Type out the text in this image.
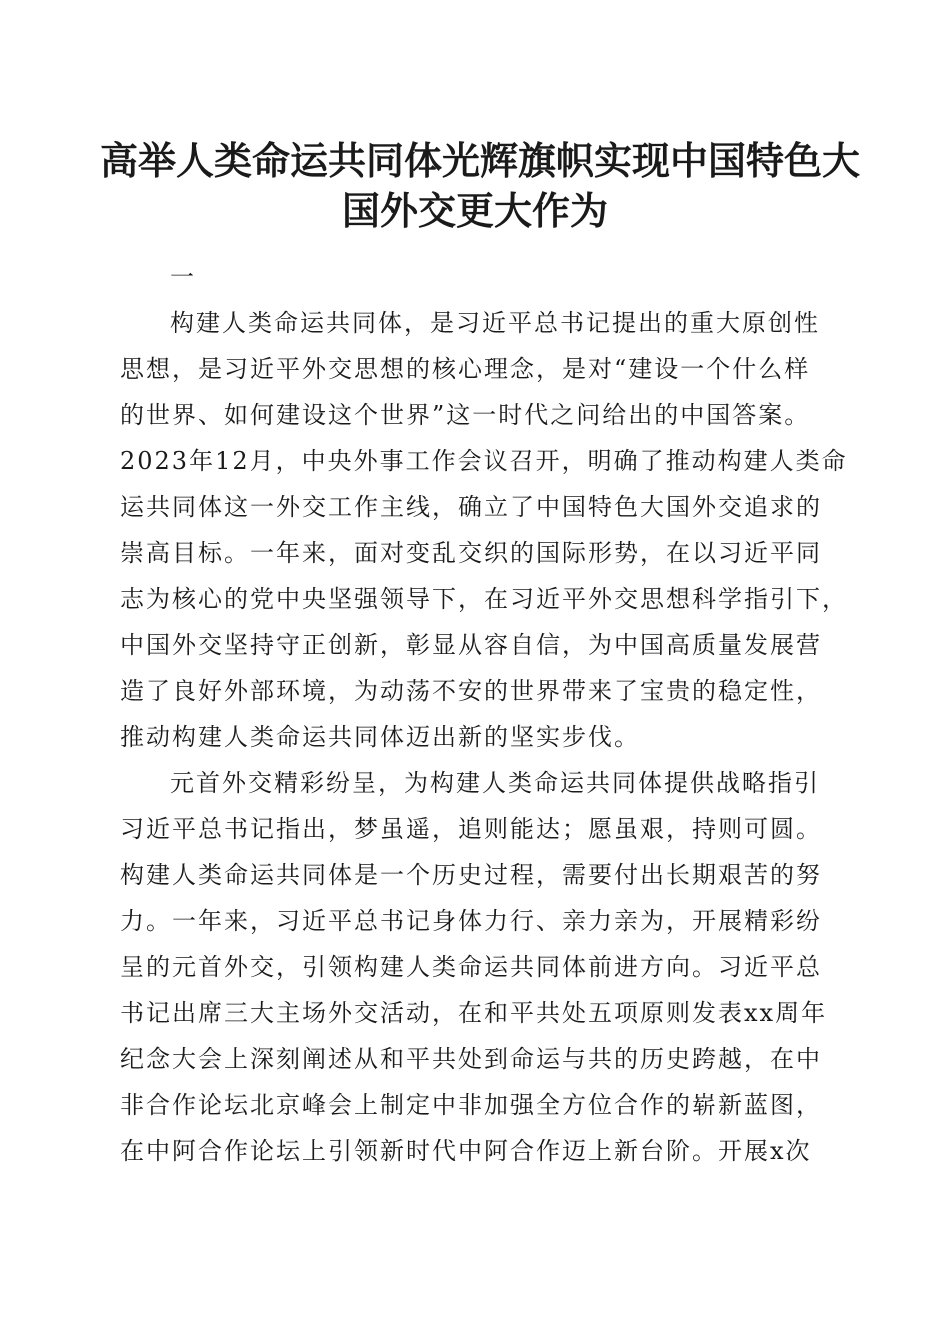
高举人类命运共同体光辉旗帜实现中国特色大
国外交更大作为
一
构建人类命运共同体，是习近平总书记提出的重大原创性
思想，是习近平外交思想的核心理念，是对“建设一个什么样
的世界、如何建设这个世界”这一时代之问给出的中国答案。
2023年12月，中央外事工作会议召开，明确了推动构建人类命
运共同体这一外交工作主线，确立了中国特色大国外交追求的
崇高目标。一年来，面对变乱交织的国际形势，在以习近平同
志为核心的党中央坚强领导下，在习近平外交思想科学指引下，
中国外交坚持守正创新，彰显从容自信，为中国高质量发展营
造了良好外部环境，为动荡不安的世界带来了宝贵的稳定性，
推动构建人类命运共同体迈出新的坚实步伐。
元首外交精彩纷呈，为构建人类命运共同体提供战略指引
习近平总书记指出，梦虽遥，追则能达；愿虽艰，持则可圆。
构建人类命运共同体是一个历史过程，需要付出长期艰苦的努
力。一年来，习近平总书记身体力行、亲力亲为，开展精彩纷
呈的元首外交，引领构建人类命运共同体前进方向。习近平总
书记出席三大主场外交活动，在和平共处五项原则发表xx周年
纪念大会上深刻阐述从和平共处到命运与共的历史跨越，在中
非合作论坛北京峰会上制定中非加强全方位合作的崭新蓝图，
在中阿合作论坛上引领新时代中阿合作迈上新台阶。开展x次
